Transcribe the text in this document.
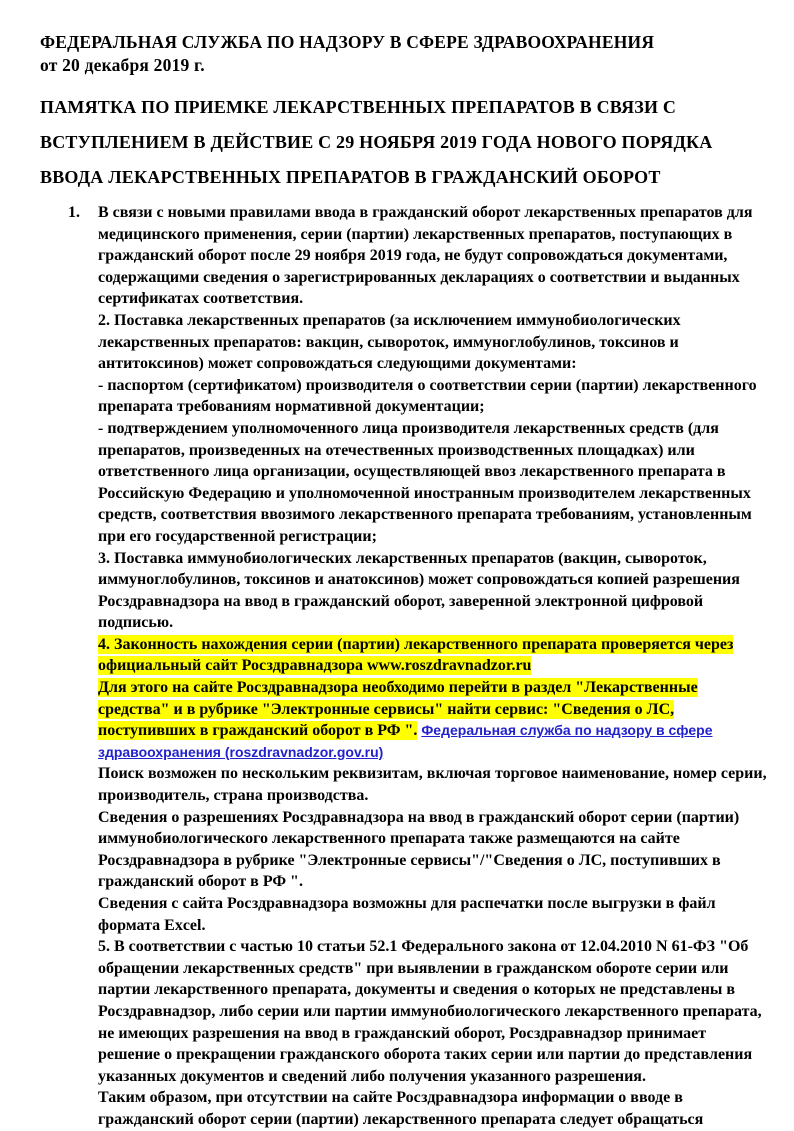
ФЕДЕРАЛЬНАЯ СЛУЖБА ПО НАДЗОРУ В СФЕРЕ ЗДРАВООХРАНЕНИЯ
от 20 декабря 2019 г.
ПАМЯТКА ПО ПРИЕМКЕ ЛЕКАРСТВЕННЫХ ПРЕПАРАТОВ В СВЯЗИ С ВСТУПЛЕНИЕМ В ДЕЙСТВИЕ С 29 НОЯБРЯ 2019 ГОДА НОВОГО ПОРЯДКА ВВОДА ЛЕКАРСТВЕННЫХ ПРЕПАРАТОВ В ГРАЖДАНСКИЙ ОБОРОТ
1. В связи с новыми правилами ввода в гражданский оборот лекарственных препаратов для медицинского применения, серии (партии) лекарственных препаратов, поступающих в гражданский оборот после 29 ноября 2019 года, не будут сопровождаться документами, содержащими сведения о зарегистрированных декларациях о соответствии и выданных сертификатах соответствия.

2. Поставка лекарственных препаратов (за исключением иммунобиологических лекарственных препаратов: вакцин, сывороток, иммуноглобулинов, токсинов и антитоксинов) может сопровождаться следующими документами:

- паспортом (сертификатом) производителя о соответствии серии (партии) лекарственного препарата требованиям нормативной документации;

- подтверждением уполномоченного лица производителя лекарственных средств (для препаратов, произведенных на отечественных производственных площадках) или ответственного лица организации, осуществляющей ввоз лекарственного препарата в Российскую Федерацию и уполномоченной иностранным производителем лекарственных средств, соответствия ввозимого лекарственного препарата требованиям, установленным при его государственной регистрации;

3. Поставка иммунобиологических лекарственных препаратов (вакцин, сывороток, иммуноглобулинов, токсинов и анатоксинов) может сопровождаться копией разрешения Росздравнадзора на ввод в гражданский оборот, заверенной электронной цифровой подписью.

4. Законность нахождения серии (партии) лекарственного препарата проверяется через официальный сайт Росздравнадзора www.roszdravnadzor.ru

Для этого на сайте Росздравнадзора необходимо перейти в раздел "Лекарственные средства" и в рубрике "Электронные сервисы" найти сервис: "Сведения о ЛС, поступивших в гражданский оборот в РФ ". Федеральная служба по надзору в сфере здравоохранения (roszdravnadzor.gov.ru)

Поиск возможен по нескольким реквизитам, включая торговое наименование, номер серии, производитель, страна производства.

Сведения о разрешениях Росздравнадзора на ввод в гражданский оборот серии (партии) иммунобиологического лекарственного препарата также размещаются на сайте Росздравнадзора в рубрике "Электронные сервисы"/"Сведения о ЛС, поступивших в гражданский оборот в РФ ".

Сведения с сайта Росздравнадзора возможны для распечатки после выгрузки в файл формата Excel.

5. В соответствии с частью 10 статьи 52.1 Федерального закона от 12.04.2010 N 61-ФЗ "Об обращении лекарственных средств" при выявлении в гражданском обороте серии или партии лекарственного препарата, документы и сведения о которых не представлены в Росздравнадзор, либо серии или партии иммунобиологического лекарственного препарата, не имеющих разрешения на ввод в гражданский оборот, Росздравнадзор принимает решение о прекращении гражданского оборота таких серии или партии до представления указанных документов и сведений либо получения указанного разрешения.

Таким образом, при отсутствии на сайте Росздравнадзора информации о вводе в гражданский оборот серии (партии) лекарственного препарата следует обращаться
